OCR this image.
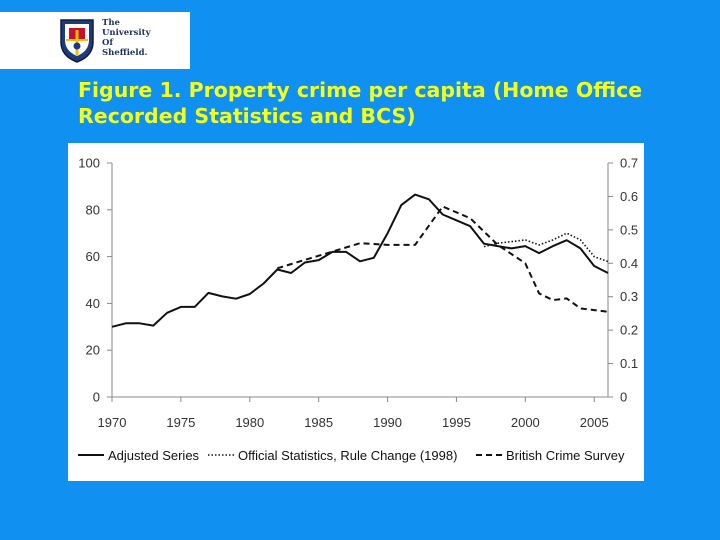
The
University
Of
Sheffield.
Figure 1. Property crime per capita (Home Office
Recorded Statistics and BCS)
0
20
40
60
80
100
0
0.1
0.2
0.3
0.4
0.5
0.6
0.7
1970	1975	1980	1985	1990	1995	2000	2005
Adjusted Series	Official Statistics, Rule Change (1998)	British Crime Survey
